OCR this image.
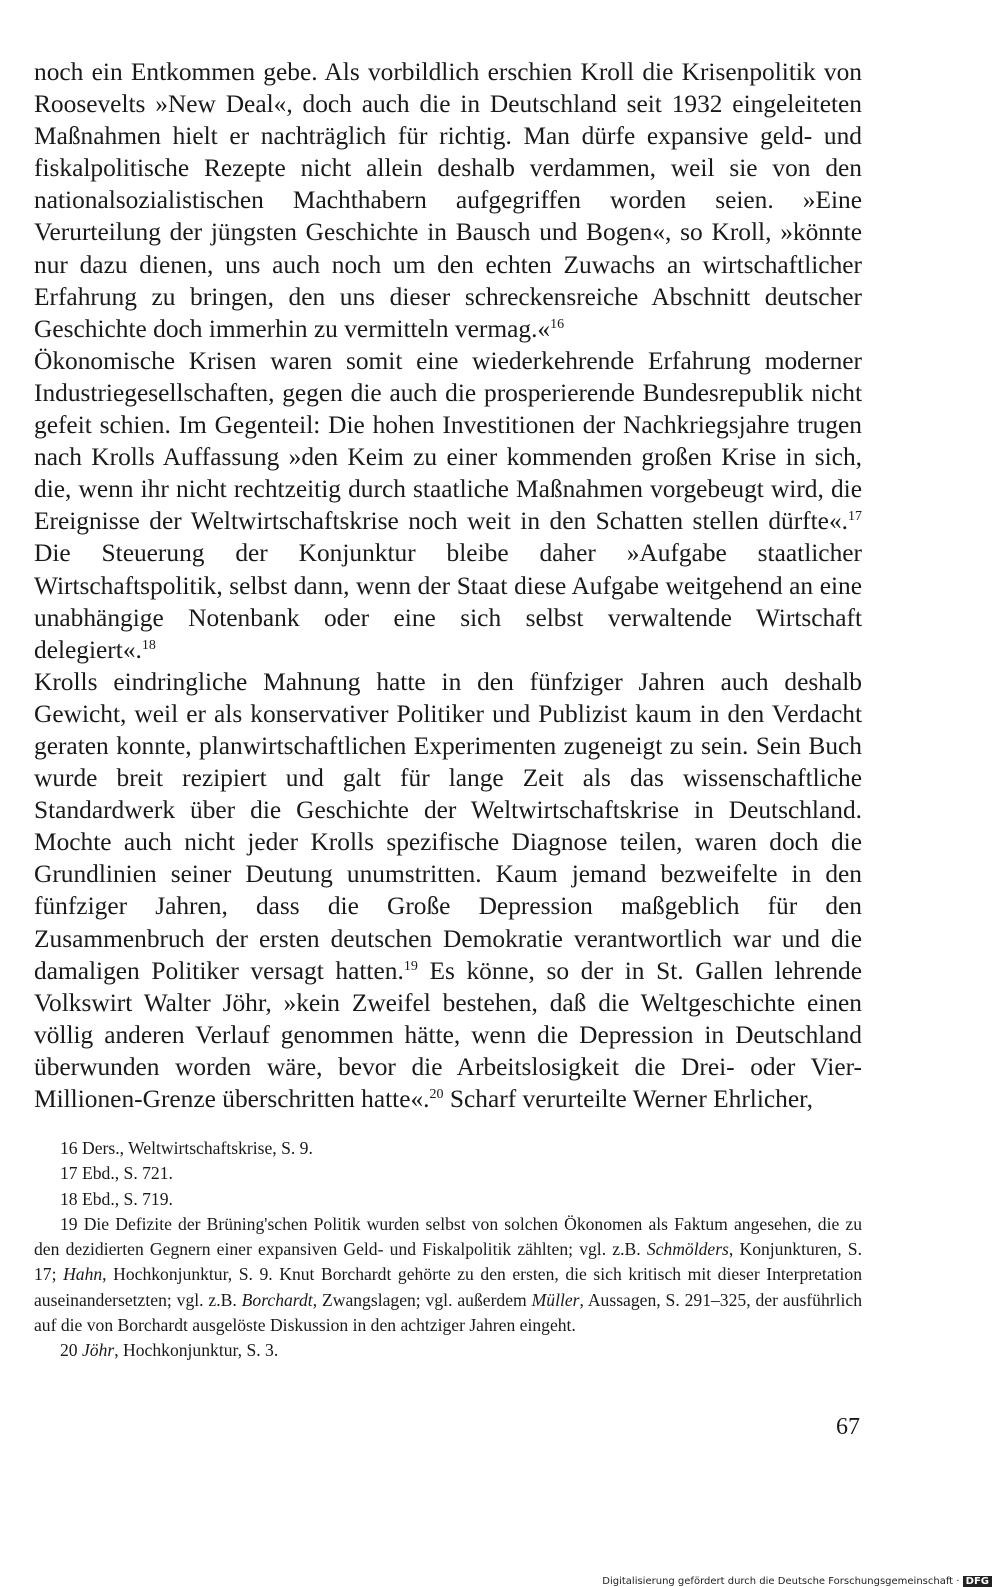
noch ein Entkommen gebe. Als vorbildlich erschien Kroll die Krisenpolitik von Roosevelts »New Deal«, doch auch die in Deutschland seit 1932 eingeleiteten Maßnahmen hielt er nachträglich für richtig. Man dürfe expansive geld- und fiskalpolitische Rezepte nicht allein deshalb verdammen, weil sie von den nationalsozialistischen Machthabern aufgegriffen worden seien. »Eine Verurteilung der jüngsten Geschichte in Bausch und Bogen«, so Kroll, »könnte nur dazu dienen, uns auch noch um den echten Zuwachs an wirtschaftlicher Erfahrung zu bringen, den uns dieser schreckensreiche Abschnitt deutscher Geschichte doch immerhin zu vermitteln vermag.«$^{16}$

Ökonomische Krisen waren somit eine wiederkehrende Erfahrung moderner Industriegesellschaften, gegen die auch die prosperierende Bundesrepublik nicht gefeit schien. Im Gegenteil: Die hohen Investitionen der Nachkriegsjahre trugen nach Krolls Auffassung »den Keim zu einer kommenden großen Krise in sich, die, wenn ihr nicht rechtzeitig durch staatliche Maßnahmen vorgebeugt wird, die Ereignisse der Weltwirtschaftskrise noch weit in den Schatten stellen dürfte«.$^{17}$ Die Steuerung der Konjunktur bleibe daher »Aufgabe staatlicher Wirtschaftspolitik, selbst dann, wenn der Staat diese Aufgabe weitgehend an eine unabhängige Notenbank oder eine sich selbst verwaltende Wirtschaft delegiert«.$^{18}$

Krolls eindringliche Mahnung hatte in den fünfziger Jahren auch deshalb Gewicht, weil er als konservativer Politiker und Publizist kaum in den Verdacht geraten konnte, planwirtschaftlichen Experimenten zugeneigt zu sein. Sein Buch wurde breit rezipiert und galt für lange Zeit als das wissenschaftliche Standardwerk über die Geschichte der Weltwirtschaftskrise in Deutschland. Mochte auch nicht jeder Krolls spezifische Diagnose teilen, waren doch die Grundlinien seiner Deutung unumstritten. Kaum jemand bezweifelte in den fünfziger Jahren, dass die Große Depression maßgeblich für den Zusammenbruch der ersten deutschen Demokratie verantwortlich war und die damaligen Politiker versagt hatten.$^{19}$ Es könne, so der in St. Gallen lehrende Volkswirt Walter Jöhr, »kein Zweifel bestehen, daß die Weltgeschichte einen völlig anderen Verlauf genommen hätte, wenn die Depression in Deutschland überwunden worden wäre, bevor die Arbeitslosigkeit die Drei- oder Vier-Millionen-Grenze überschritten hatte«.$^{20}$ Scharf verurteilte Werner Ehrlicher,

16 Ders., Weltwirtschaftskrise, S. 9.

17 Ebd., S. 721.

18 Ebd., S. 719.

19 Die Defizite der Brüning'schen Politik wurden selbst von solchen Ökonomen als Faktum angesehen, die zu den dezidierten Gegnern einer expansiven Geld- und Fiskalpolitik zählten; vgl. z.B. Schmölders, Konjunkturen, S. 17; Hahn, Hochkonjunktur, S. 9. Knut Borchardt gehörte zu den ersten, die sich kritisch mit dieser Interpretation auseinandersetzten; vgl. z.B. Borchardt, Zwangslagen; vgl. außerdem Müller, Aussagen, S. 291–325, der ausführlich auf die von Borchardt ausgelöste Diskussion in den achtziger Jahren eingeht.

20 Jöhr, Hochkonjunktur, S. 3.

67
Digitalisierung gefördert durch die Deutsche Forschungsgemeinschaft · DFG
